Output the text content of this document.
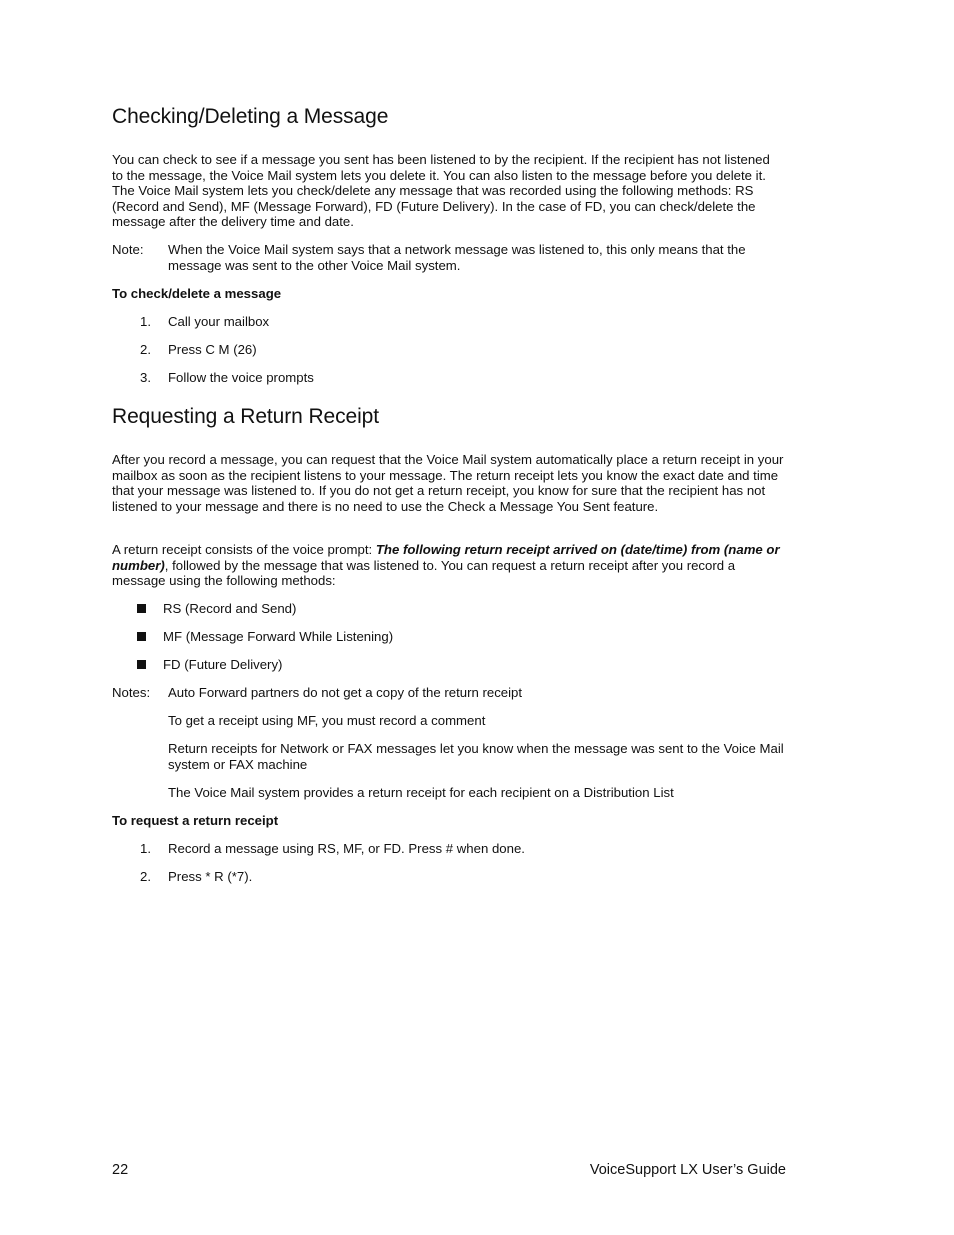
Checking/Deleting a Message

You can check to see if a message you sent has been listened to by the recipient. If the recipient has not listened to the message, the Voice Mail system lets you delete it. You can also listen to the message before you delete it. The Voice Mail system lets you check/delete any message that was recorded using the following methods: RS (Record and Send), MF (Message Forward), FD (Future Delivery). In the case of FD, you can check/delete the message after the delivery time and date.

Note:	When the Voice Mail system says that a network message was listened to, this only means that the message was sent to the other Voice Mail system.
To check/delete a message
1.	Call your mailbox
2.	Press C M (26)
3.	Follow the voice prompts
Requesting a Return Receipt

After you record a message, you can request that the Voice Mail system automatically place a return receipt in your mailbox as soon as the recipient listens to your message. The return receipt lets you know the exact date and time that your message was listened to. If you do not get a return receipt, you know for sure that the recipient has not listened to your message and there is no need to use the Check a Message You Sent feature.

A return receipt consists of the voice prompt: The following return receipt arrived on (date/time) from (name or number), followed by the message that was listened to. You can request a return receipt after you record a message using the following methods:

RS (Record and Send)
MF (Message Forward While Listening)
FD (Future Delivery)
Notes:	Auto Forward partners do not get a copy of the return receipt
To get a receipt using MF, you must record a comment
Return receipts for Network or FAX messages let you know when the message was sent to the Voice Mail system or FAX machine
The Voice Mail system provides a return receipt for each recipient on a Distribution List
To request a return receipt
1.	Record a message using RS, MF, or FD. Press # when done.
2.	Press * R (*7).
22	VoiceSupport LX User’s Guide
